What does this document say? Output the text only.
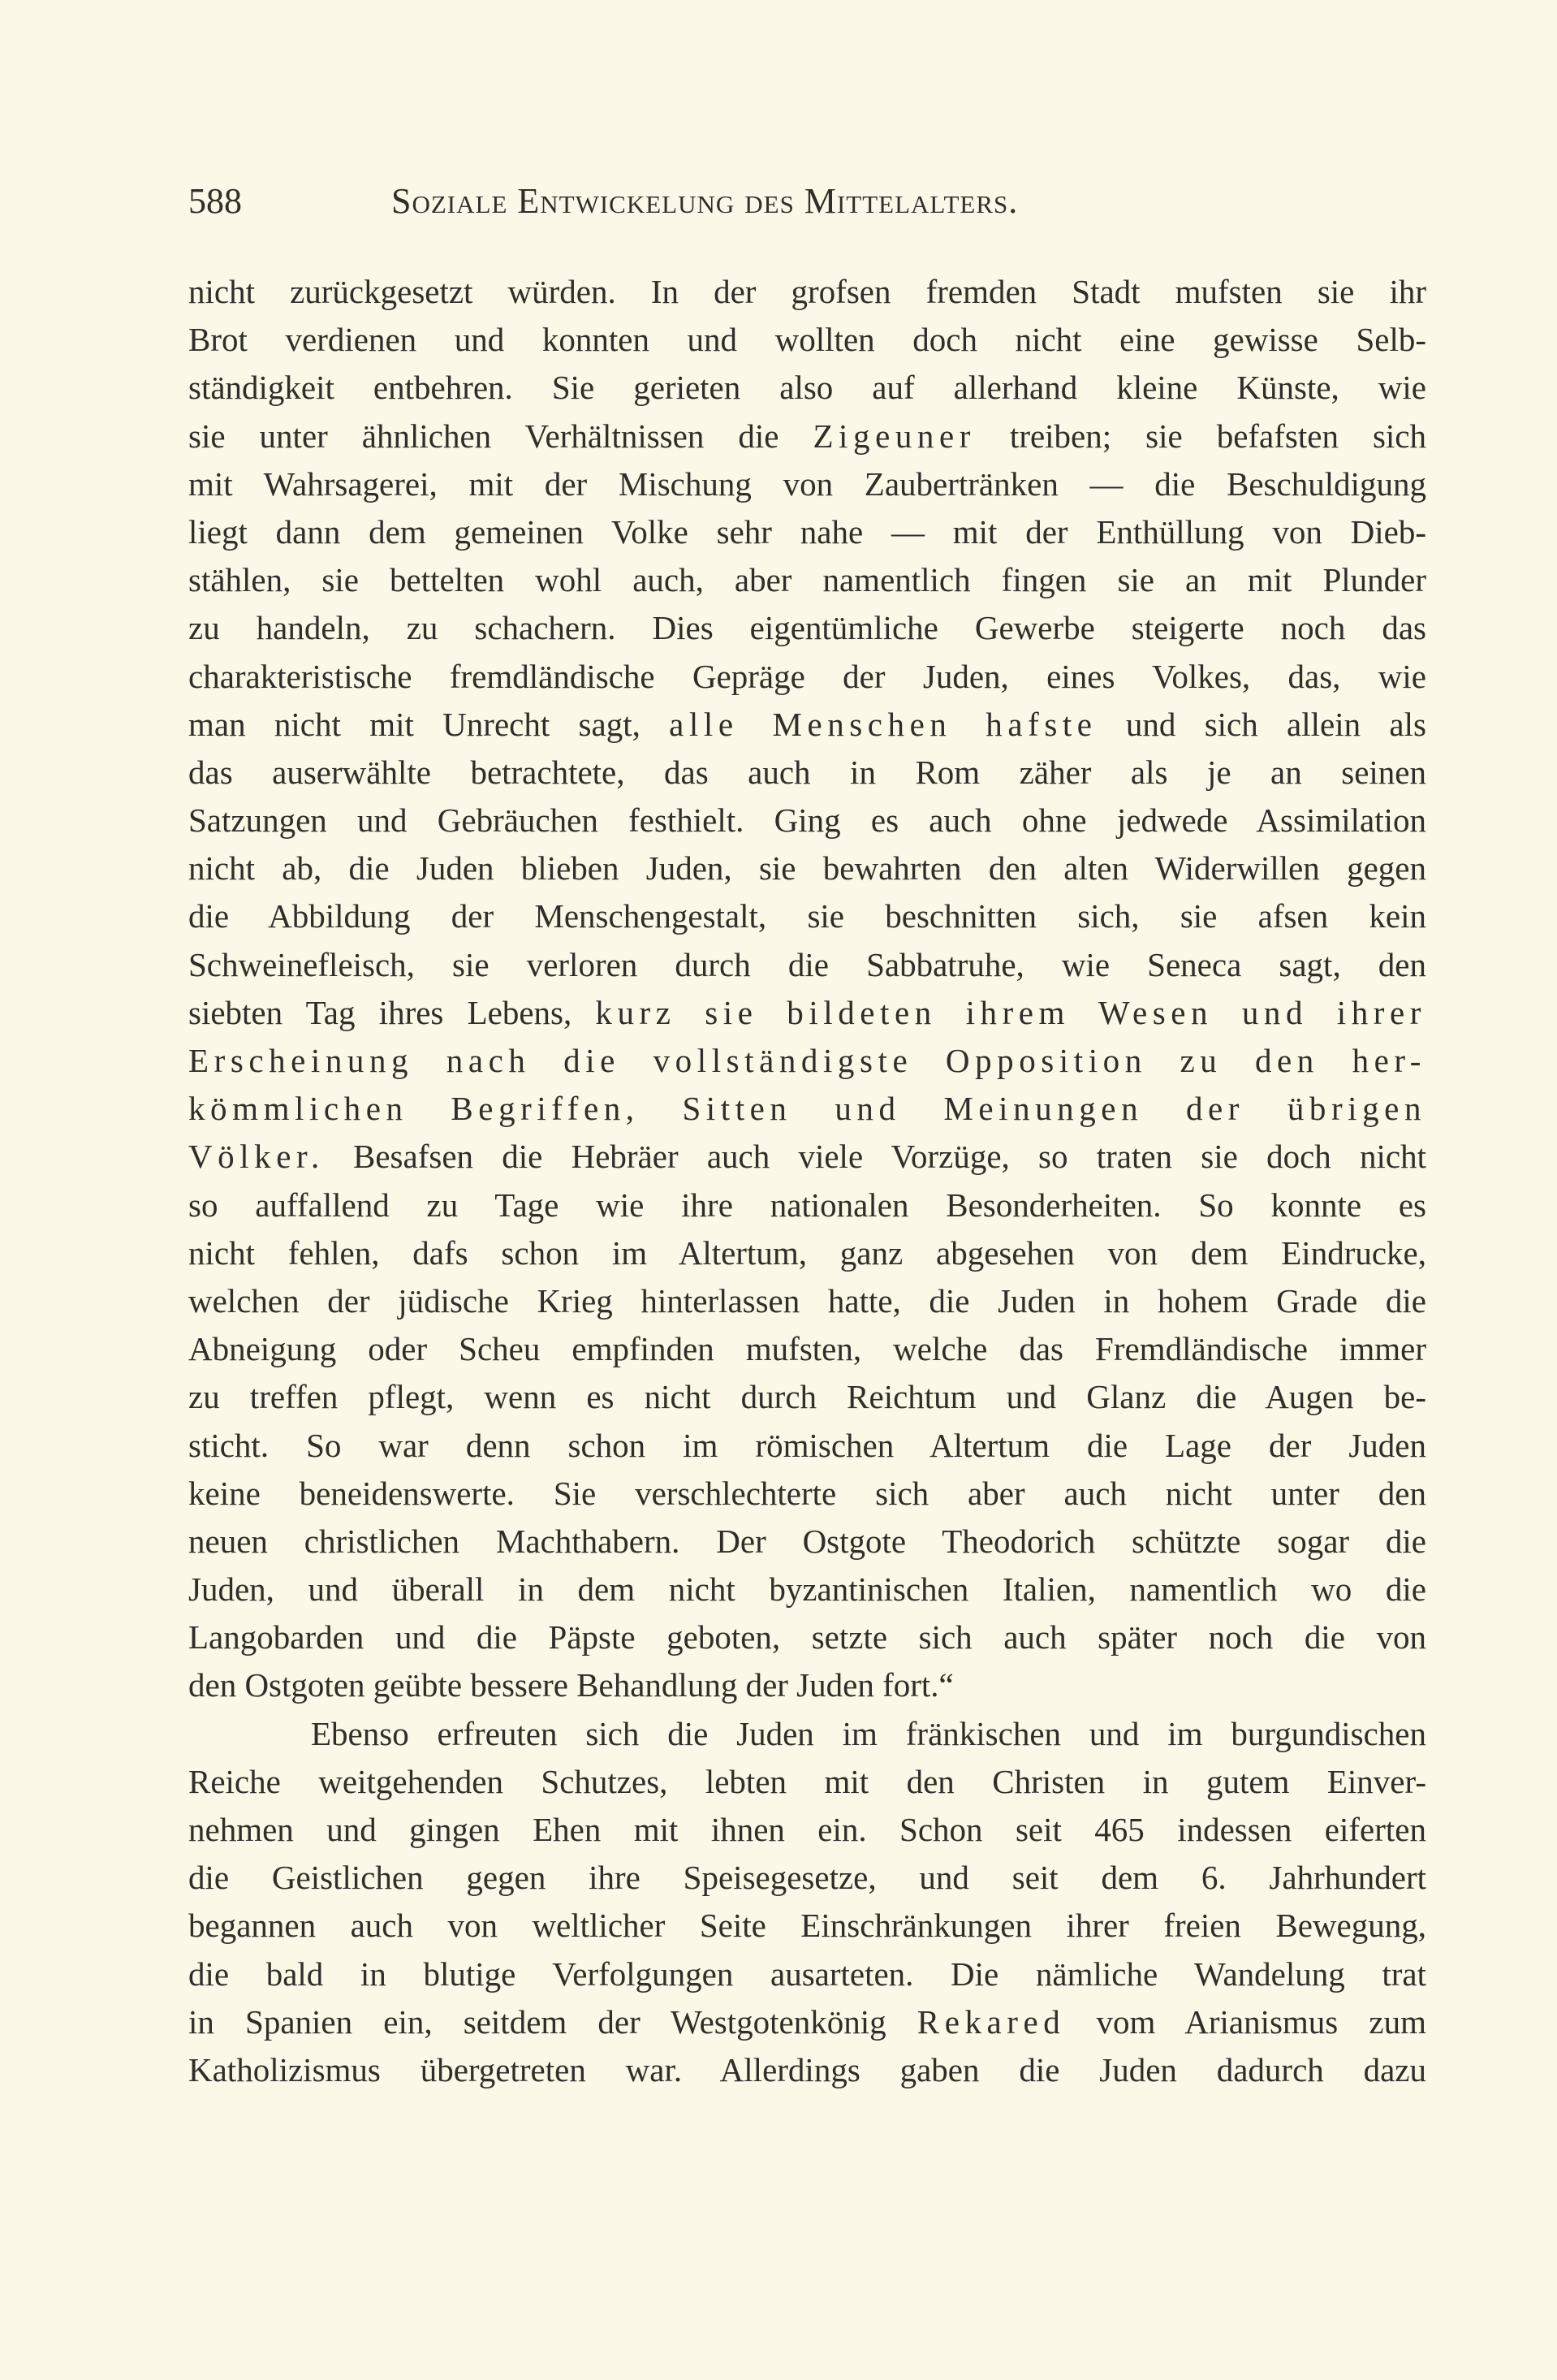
588	Soziale Entwickelung des Mittelalters.
nicht zurückgesetzt würden. In der grofsen fremden Stadt mufsten sie ihr
Brot verdienen und konnten und wollten doch nicht eine gewisse Selb-
ständigkeit entbehren. Sie gerieten also auf allerhand kleine Künste, wie
sie unter ähnlichen Verhältnissen die Zigeuner treiben; sie befafsten sich
mit Wahrsagerei, mit der Mischung von Zaubertränken — die Beschuldigung
liegt dann dem gemeinen Volke sehr nahe — mit der Enthüllung von Dieb-
stählen, sie bettelten wohl auch, aber namentlich fingen sie an mit Plunder
zu handeln, zu schachern. Dies eigentümliche Gewerbe steigerte noch das
charakteristische fremdländische Gepräge der Juden, eines Volkes, das, wie
man nicht mit Unrecht sagt, alle Menschen hafste und sich allein als
das auserwählte betrachtete, das auch in Rom zäher als je an seinen
Satzungen und Gebräuchen festhielt. Ging es auch ohne jedwede Assimilation
nicht ab, die Juden blieben Juden, sie bewahrten den alten Widerwillen gegen
die Abbildung der Menschengestalt, sie beschnitten sich, sie afsen kein
Schweinefleisch, sie verloren durch die Sabbatruhe, wie Seneca sagt, den
siebten Tag ihres Lebens, kurz sie bildeten ihrem Wesen und ihrer
Erscheinung nach die vollständigste Opposition zu den her-
kömmlichen Begriffen, Sitten und Meinungen der übrigen
Völker. Besafsen die Hebräer auch viele Vorzüge, so traten sie doch nicht
so auffallend zu Tage wie ihre nationalen Besonderheiten. So konnte es
nicht fehlen, dafs schon im Altertum, ganz abgesehen von dem Eindrucke,
welchen der jüdische Krieg hinterlassen hatte, die Juden in hohem Grade die
Abneigung oder Scheu empfinden mufsten, welche das Fremdländische immer
zu treffen pflegt, wenn es nicht durch Reichtum und Glanz die Augen be-
sticht. So war denn schon im römischen Altertum die Lage der Juden
keine beneidenswerte. Sie verschlechterte sich aber auch nicht unter den
neuen christlichen Machthabern. Der Ostgote Theodorich schützte sogar die
Juden, und überall in dem nicht byzantinischen Italien, namentlich wo die
Langobarden und die Päpste geboten, setzte sich auch später noch die von
den Ostgoten geübte bessere Behandlung der Juden fort.“
Ebenso erfreuten sich die Juden im fränkischen und im burgundischen
Reiche weitgehenden Schutzes, lebten mit den Christen in gutem Einver-
nehmen und gingen Ehen mit ihnen ein. Schon seit 465 indessen eiferten
die Geistlichen gegen ihre Speisegesetze, und seit dem 6. Jahrhundert
begannen auch von weltlicher Seite Einschränkungen ihrer freien Bewegung,
die bald in blutige Verfolgungen ausarteten. Die nämliche Wandelung trat
in Spanien ein, seitdem der Westgotenkönig Rekared vom Arianismus zum
Katholizismus übergetreten war. Allerdings gaben die Juden dadurch dazu
